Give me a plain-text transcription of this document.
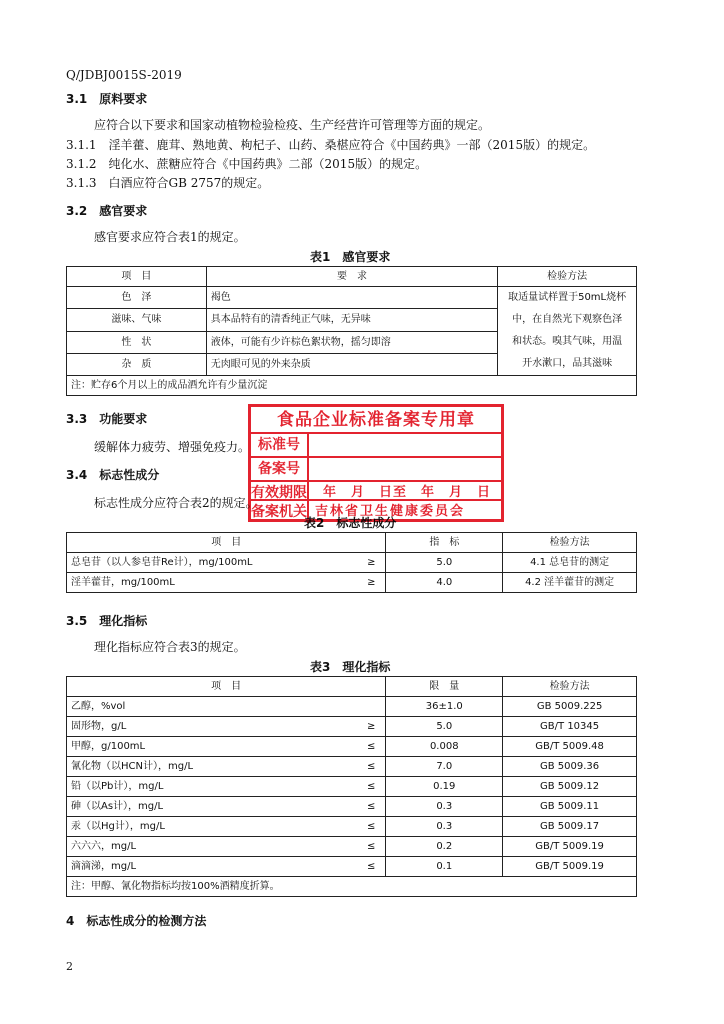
Q/JDBJ0015S-2019
3.1　原料要求
应符合以下要求和国家动植物检验检疫、生产经营许可管理等方面的规定。
3.1.1　淫羊藿、鹿茸、熟地黄、枸杞子、山药、桑椹应符合《中国药典》一部（2015版）的规定。
3.1.2　纯化水、蔗糖应符合《中国药典》二部（2015版）的规定。
3.1.3　白酒应符合GB 2757的规定。
3.2　感官要求
感官要求应符合表1的规定。
表1　感官要求
项　目	要　求	检验方法
色　泽	褐色	取适量试样置于50mL烧杯
中，在自然光下观察色泽
和状态。嗅其气味，用温
开水漱口，品其滋味

滋味、气味	具本品特有的清香纯正气味，无异味	
性　状	液体，可能有少许棕色絮状物，摇匀即溶	
杂　质	无肉眼可见的外来杂质	
注：贮存6个月以上的成品酒允许有少量沉淀		
3.3　功能要求
缓解体力疲劳、增强免疫力。
3.4　标志性成分
标志性成分应符合表2的规定。
表2　标志性成分
项　目		指　标	检验方法
总皂苷（以人参皂苷Re计），mg/100mL	≥	5.0	4.1 总皂苷的测定
淫羊藿苷，mg/100mL	≥	4.0	4.2 淫羊藿苷的测定
食品企业标准备案专用章
标准号
备案号
有效期限 年　月　日至　年　月　日
备案机关 吉林省卫生健康委员会
3.5　理化指标
理化指标应符合表3的规定。
表3　理化指标
项　目		限　量	检验方法
乙醇，%vol		36±1.0	GB 5009.225
固形物，g/L	≥	5.0	GB/T 10345
甲醇，g/100mL	≤	0.008	GB/T 5009.48
氰化物（以HCN计），mg/L	≤	7.0	GB 5009.36
铅（以Pb计），mg/L	≤	0.19	GB 5009.12
砷（以As计），mg/L	≤	0.3	GB 5009.11
汞（以Hg计），mg/L	≤	0.3	GB 5009.17
六六六，mg/L	≤	0.2	GB/T 5009.19
滴滴涕，mg/L	≤	0.1	GB/T 5009.19
注：甲醇、氰化物指标均按100%酒精度折算。			
4　标志性成分的检测方法
2
